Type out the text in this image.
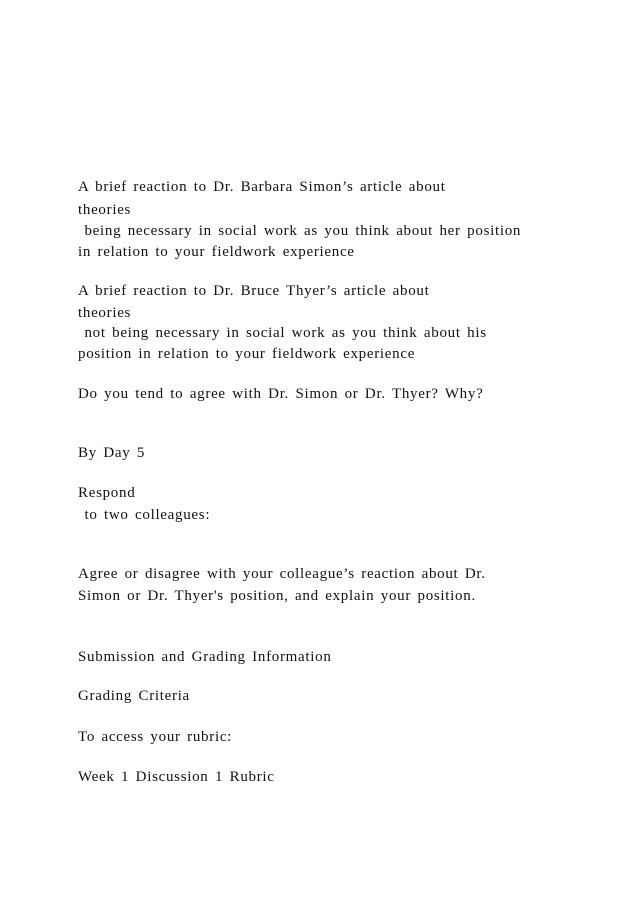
A brief reaction to Dr. Barbara Simon’s article about

theories

being necessary in social work as you think about her position

in relation to your fieldwork experience

A brief reaction to Dr. Bruce Thyer’s article about

theories

not being necessary in social work as you think about his

position in relation to your fieldwork experience

Do you tend to agree with Dr. Simon or Dr. Thyer? Why?

By Day 5

Respond

to two colleagues:

Agree or disagree with your colleague’s reaction about Dr.

Simon or Dr. Thyer's position, and explain your position.

Submission and Grading Information

Grading Criteria

To access your rubric:

Week 1 Discussion 1 Rubric
